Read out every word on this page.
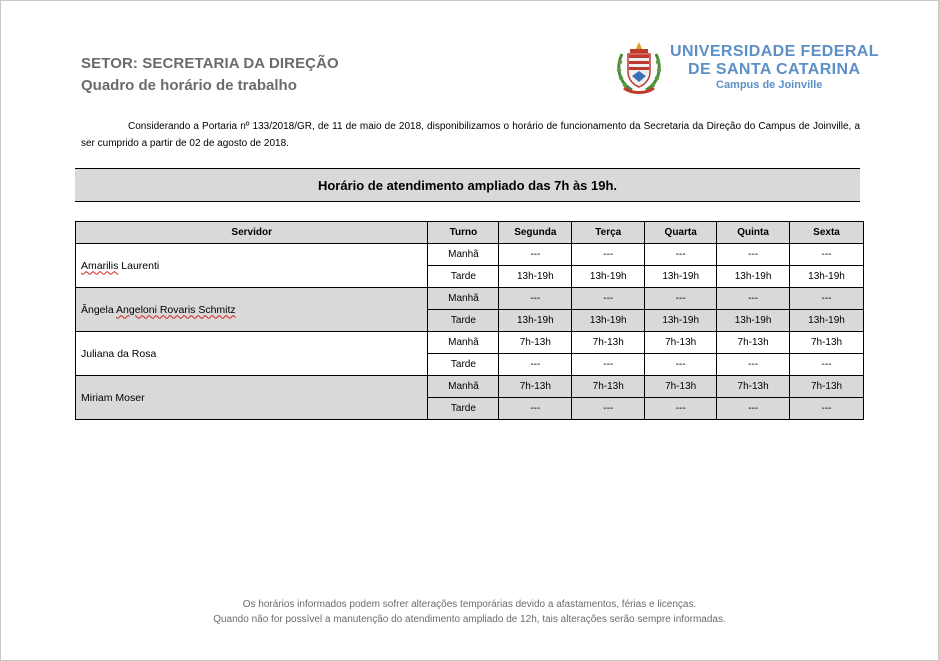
SETOR: SECRETARIA DA DIREÇÃO
Quadro de horário de trabalho
UNIVERSIDADE FEDERAL
DE SANTA CATARINA
Campus de Joinville
Considerando a Portaria nº 133/2018/GR, de 11 de maio de 2018, disponibilizamos o horário de funcionamento da Secretaria da Direção do Campus de Joinville, a ser cumprido a partir de 02 de agosto de 2018.
Horário de atendimento ampliado das 7h às 19h.
Servidor	Turno	Segunda	Terça	Quarta	Quinta	Sexta
Amarilis Laurenti	Manhã	---	---	---	---	---
	Tarde	13h-19h	13h-19h	13h-19h	13h-19h	13h-19h
Ângela Angeloni Rovaris Schmitz	Manhã	---	---	---	---	---
	Tarde	13h-19h	13h-19h	13h-19h	13h-19h	13h-19h
Juliana da Rosa	Manhã	7h-13h	7h-13h	7h-13h	7h-13h	7h-13h
	Tarde	---	---	---	---	---
Miriam Moser	Manhã	7h-13h	7h-13h	7h-13h	7h-13h	7h-13h
	Tarde	---	---	---	---	---
Os horários informados podem sofrer alterações temporárias devido a afastamentos, férias e licenças.
Quando não for possível a manutenção do atendimento ampliado de 12h, tais alterações serão sempre informadas.
